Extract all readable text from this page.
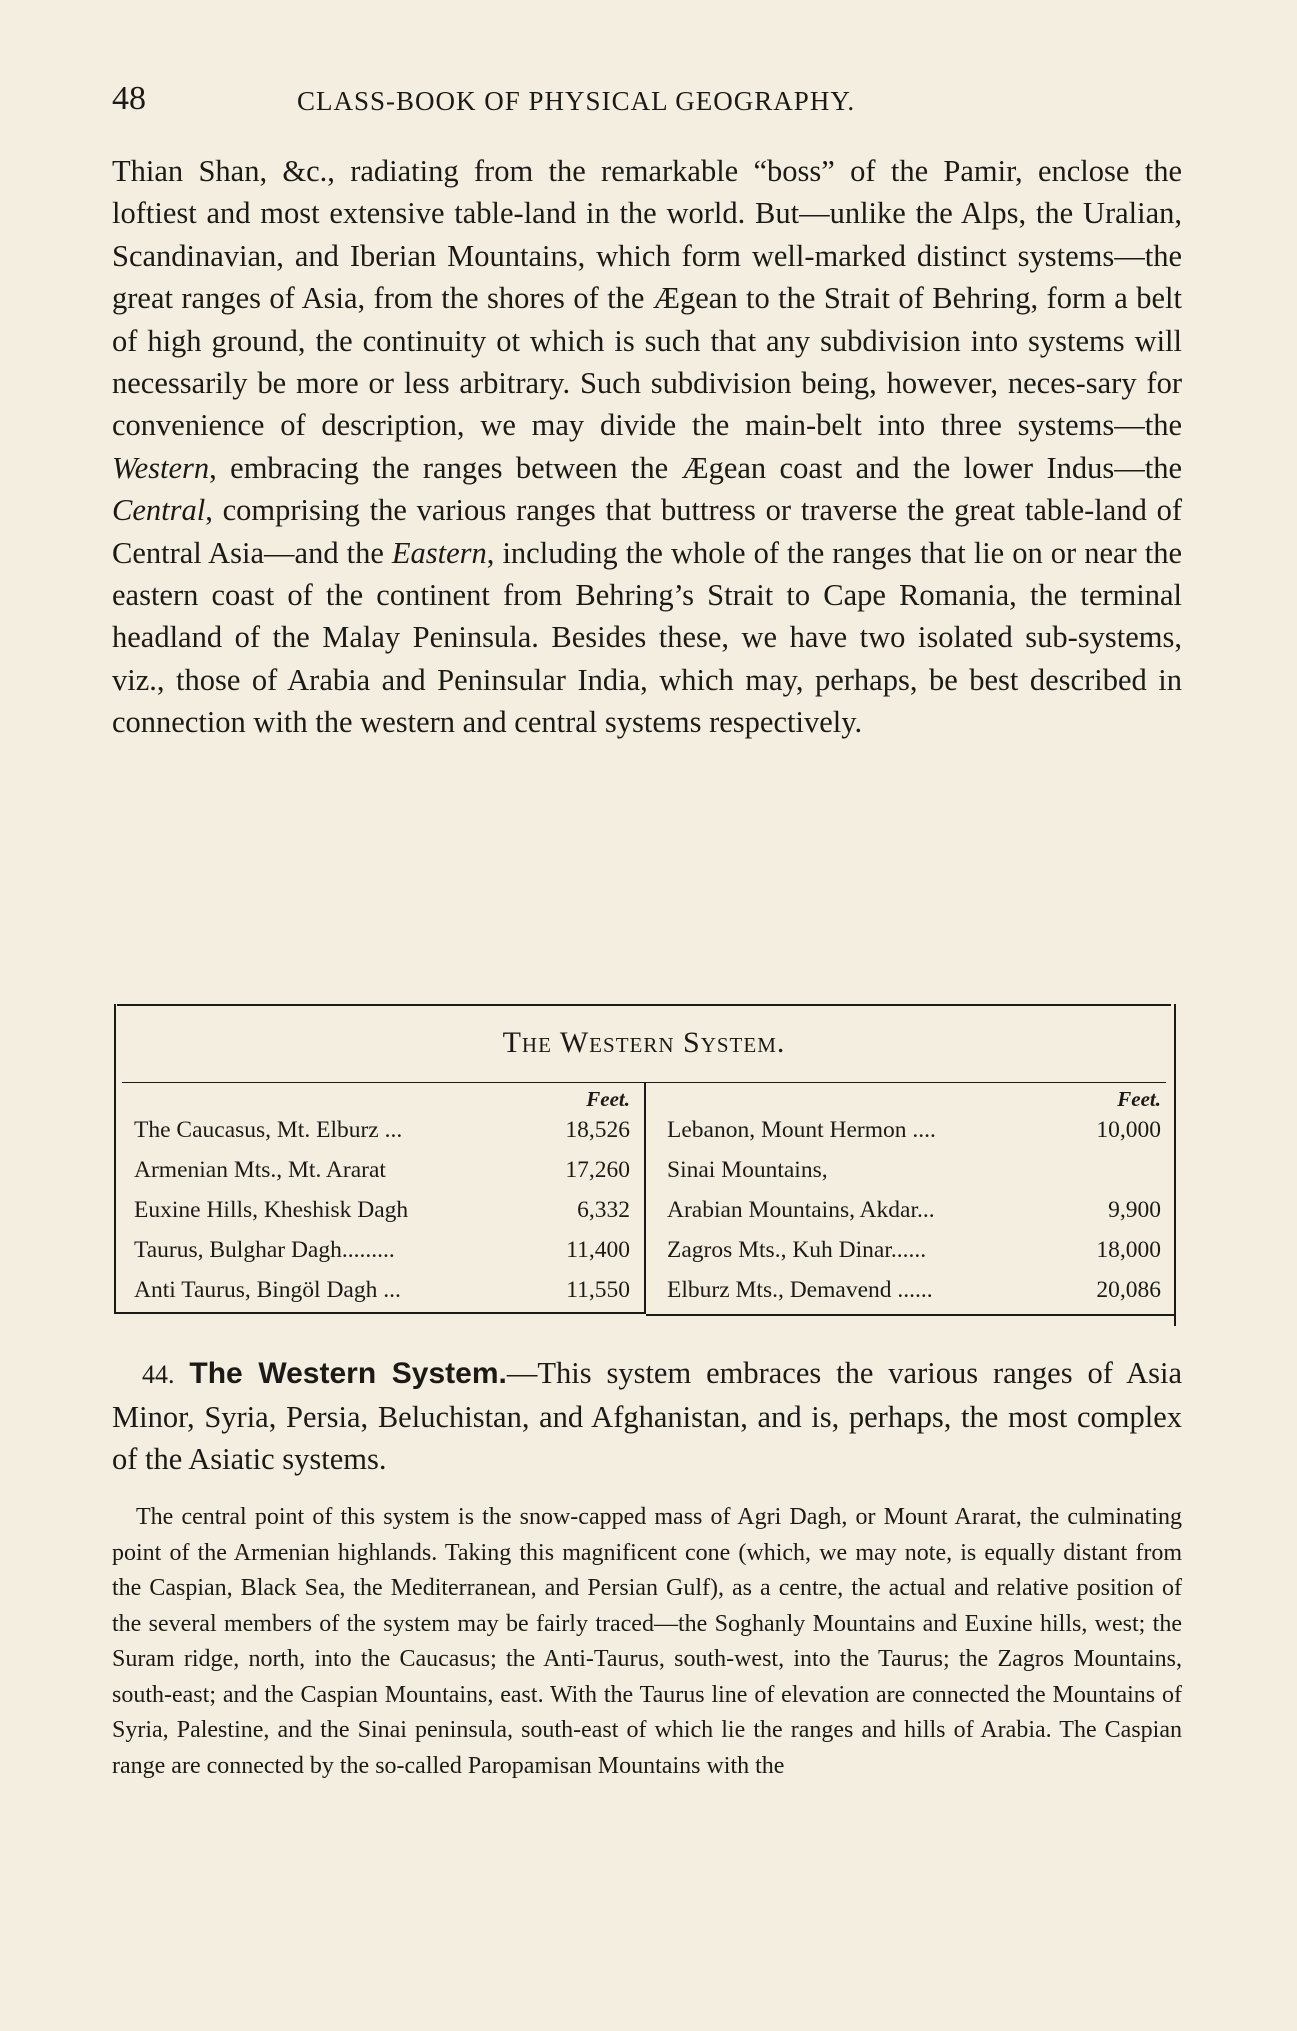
48	CLASS-BOOK OF PHYSICAL GEOGRAPHY.

Thian Shan, &c., radiating from the remarkable “boss” of the Pamir, enclose the loftiest and most extensive table-land in the world. But—unlike the Alps, the Uralian, Scandinavian, and Iberian Mountains, which form well-marked distinct systems—the great ranges of Asia, from the shores of the Ægean to the Strait of Behring, form a belt of high ground, the continuity ot which is such that any subdivision into systems will necessarily be more or less arbitrary. Such subdivision being, however, neces-sary for convenience of description, we may divide the main-belt into three systems—the Western, embracing the ranges between the Ægean coast and the lower Indus—the Central, comprising the various ranges that buttress or traverse the great table-land of Central Asia—and the Eastern, including the whole of the ranges that lie on or near the eastern coast of the continent from Behring’s Strait to Cape Romania, the terminal headland of the Malay Peninsula. Besides these, we have two isolated sub-systems, viz., those of Arabia and Peninsular India, which may, perhaps, be best described in connection with the western and central systems respectively.

The Western System.
Feet.
The Caucasus, Mt. Elburz ...	18,526
Armenian Mts., Mt. Ararat	17,260
Euxine Hills, Kheshisk Dagh	6,332
Taurus, Bulghar Dagh.........	11,400
Anti Taurus, Bingöl Dagh ...	11,550
Feet.
Lebanon, Mount Hermon ....	10,000
Sinai Mountains,
Arabian Mountains, Akdar...	9,900
Zagros Mts., Kuh Dinar......	18,000
Elburz Mts., Demavend ......	20,086

44. The Western System.—This system embraces the various ranges of Asia Minor, Syria, Persia, Beluchistan, and Afghanistan, and is, perhaps, the most complex of the Asiatic systems.

The central point of this system is the snow-capped mass of Agri Dagh, or Mount Ararat, the culminating point of the Armenian highlands. Taking this magnificent cone (which, we may note, is equally distant from the Caspian, Black Sea, the Mediterranean, and Persian Gulf), as a centre, the actual and relative position of the several members of the system may be fairly traced—the Soghanly Mountains and Euxine hills, west; the Suram ridge, north, into the Caucasus; the Anti-Taurus, south-west, into the Taurus; the Zagros Mountains, south-east; and the Caspian Mountains, east. With the Taurus line of elevation are connected the Mountains of Syria, Palestine, and the Sinai peninsula, south-east of which lie the ranges and hills of Arabia. The Caspian range are connected by the so-called Paropamisan Mountains with the
